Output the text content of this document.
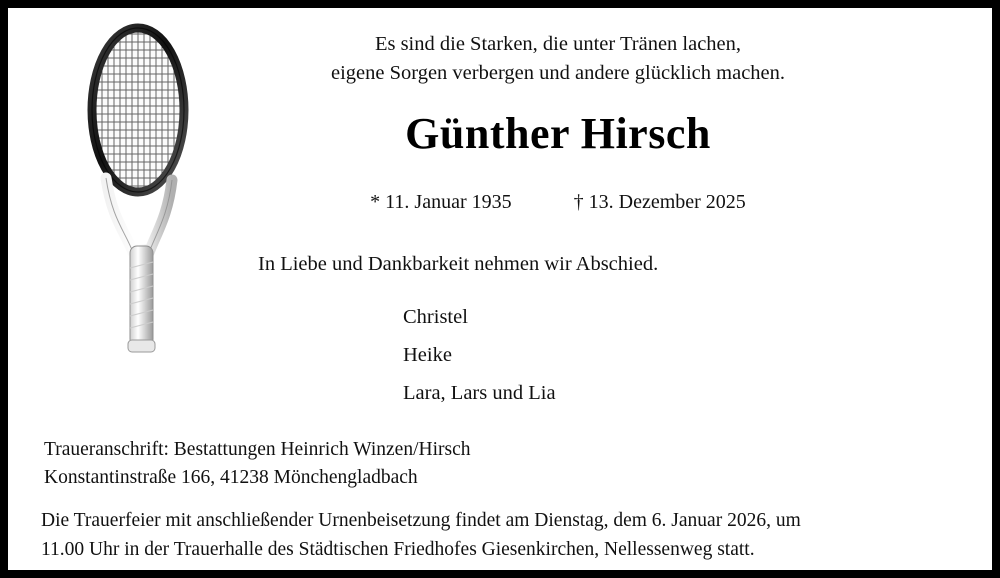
Es sind die Starken, die unter Tränen lachen,
eigene Sorgen verbergen und andere glücklich machen.
Günther Hirsch
* 11. Januar 1935	† 13. Dezember 2025
In Liebe und Dankbarkeit nehmen wir Abschied.
Christel
Heike
Lara, Lars und Lia
Traueranschrift: Bestattungen Heinrich Winzen/Hirsch
Konstantinstraße 166, 41238 Mönchengladbach
Die Trauerfeier mit anschließender Urnenbeisetzung findet am Dienstag, dem 6. Januar 2026, um
11.00 Uhr in der Trauerhalle des Städtischen Friedhofes Giesenkirchen, Nellessenweg statt.
